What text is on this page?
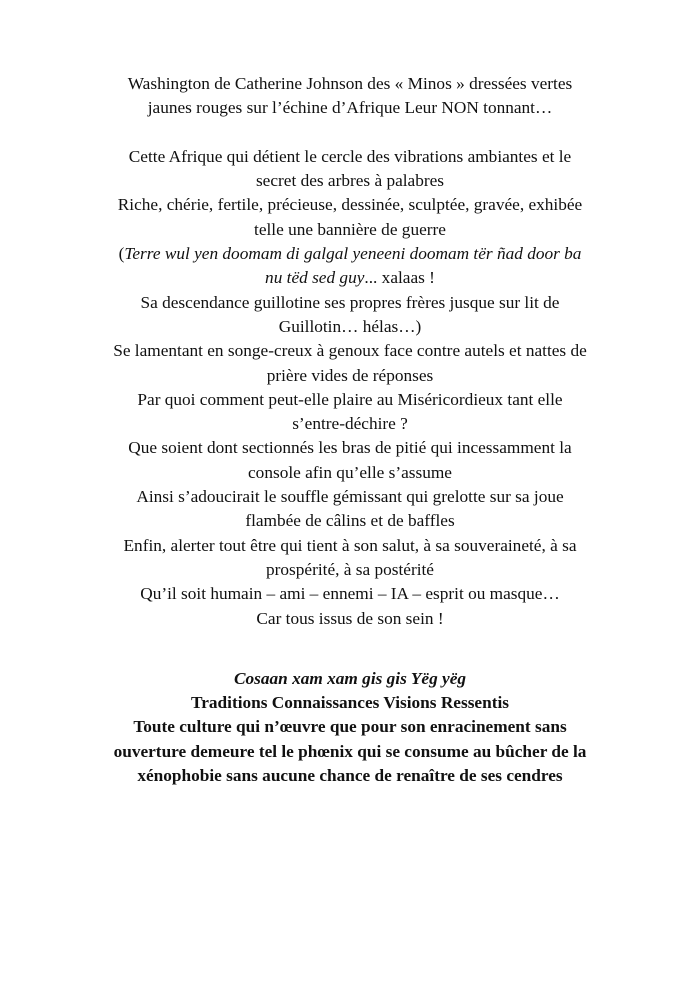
Washington de Catherine Johnson des « Minos » dressées vertes
jaunes rouges sur l’échine d’Afrique Leur NON tonnant…
Cette Afrique qui détient le cercle des vibrations ambiantes et le
secret des arbres à palabres
Riche, chérie, fertile, précieuse, dessinée, sculptée, gravée, exhibée
telle une bannière de guerre
(Terre wul yen doomam di galgal yeneeni doomam tër ñad door ba
nu tëd sed guy... xalaas !
Sa descendance guillotine ses propres frères jusque sur lit de
Guillotin… hélas…)
Se lamentant en songe-creux à genoux face contre autels et nattes de
prière vides de réponses
Par quoi comment peut-elle plaire au Miséricordieux tant elle
s’entre-déchire ?
Que soient dont sectionnés les bras de pitié qui incessamment la
console afin qu’elle s’assume
Ainsi s’adoucirait le souffle gémissant qui grelotte sur sa joue
flambée de câlins et de baffles
Enfin, alerter tout être qui tient à son salut, à sa souveraineté, à sa
prospérité, à sa postérité
Qu’il soit humain – ami – ennemi – IA – esprit ou masque…
Car tous issus de son sein !
Cosaan xam xam gis gis Yëg yëg
Traditions Connaissances Visions Ressentis
Toute culture qui n’œuvre que pour son enracinement sans
ouverture demeure tel le phœnix qui se consume au bûcher de la
xénophobie sans aucune chance de renaître de ses cendres
